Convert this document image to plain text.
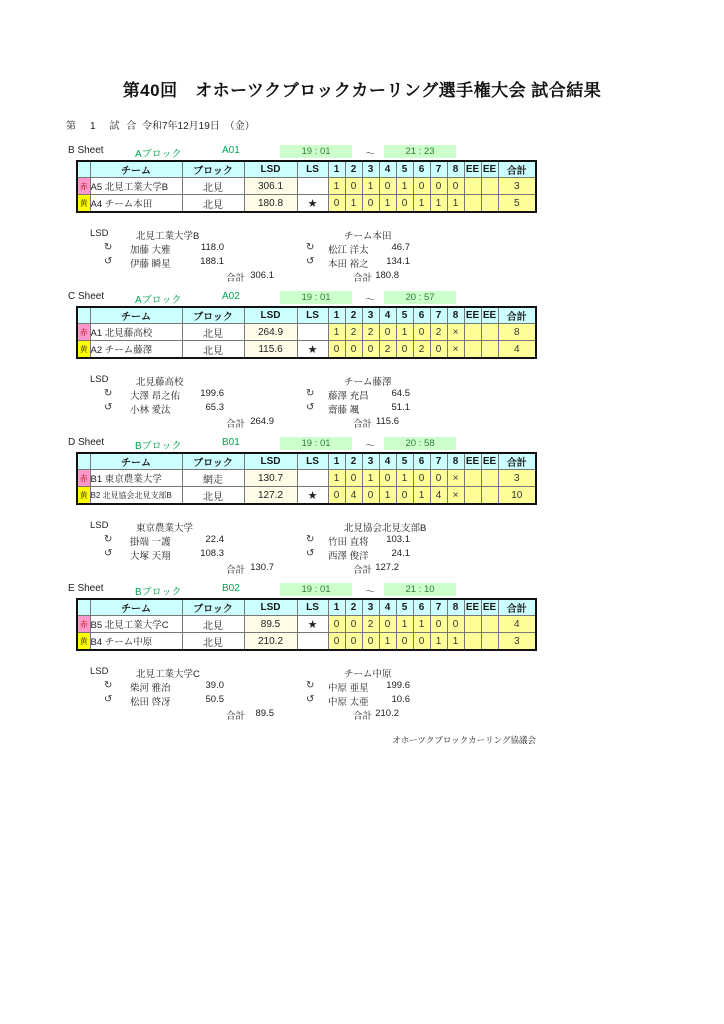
第40回　オホーツクブロックカーリング選手権大会 試合結果
第　1　試 合 令和7年12月19日　（金）
B Sheet	Aブロック	A01	19 : 01	〜	21 : 23
	チーム	ブロック	LSD	LS	1	2	3	4	5	6	7	8	EE	EE	合計
赤	A5 北見工業大学B	北見	306.1		1	0	1	0	1	0	0	0			3
黄	A4 チーム本田	北見	180.8	★	0	1	0	1	0	1	1	1			5
LSD	北見工業大学B	チーム本田
↻ 加藤 大雅	118.0	↻ 松江 洋太	46.7
↺ 伊藤 瞬星	188.1	↺ 本田 裕之	134.1
合計 306.1	合計 180.8
C Sheet	Aブロック	A02	19 : 01	〜	20 : 57
	チーム	ブロック	LSD	LS	1	2	3	4	5	6	7	8	EE	EE	合計
赤	A1 北見藤高校	北見	264.9		1	2	2	0	1	0	2	×			8
黄	A2 チーム藤澤	北見	115.6	★	0	0	0	2	0	2	0	×			4
LSD	北見藤高校	チーム藤澤
↻ 大澤 昂之佑	199.6	↻ 藤澤 充昌	64.5
↺ 小林 愛汰	65.3	↺ 齋藤 颯	51.1
合計 264.9	合計 115.6
D Sheet	Bブロック	B01	19 : 01	〜	20 : 58
	チーム	ブロック	LSD	LS	1	2	3	4	5	6	7	8	EE	EE	合計
赤	B1 東京農業大学	網走	130.7		1	0	1	0	1	0	0	×			3
黄	B2 北見協会北見支部B	北見	127.2	★	0	4	0	1	0	1	4	×			10
LSD	東京農業大学	北見協会北見支部B
↻ 掛端 一護	22.4	↻ 竹田 直将	103.1
↺ 大塚 天翔	108.3	↺ 西澤 俊洋	24.1
合計 130.7	合計 127.2
E Sheet	Bブロック	B02	19 : 01	〜	21 : 10
	チーム	ブロック	LSD	LS	1	2	3	4	5	6	7	8	EE	EE	合計
赤	B5 北見工業大学C	北見	89.5	★	0	0	2	0	1	1	0	0			4
黄	B4 チーム中原	北見	210.2		0	0	0	1	0	0	1	1			3
LSD	北見工業大学C	チーム中原
↻ 柴河 雅治	39.0	↻ 中原 亜星	199.6
↺ 松田 啓冴	50.5	↺ 中原 太亜	10.6
合計	89.5	合計 210.2
オホーツクブロックカーリング協議会
